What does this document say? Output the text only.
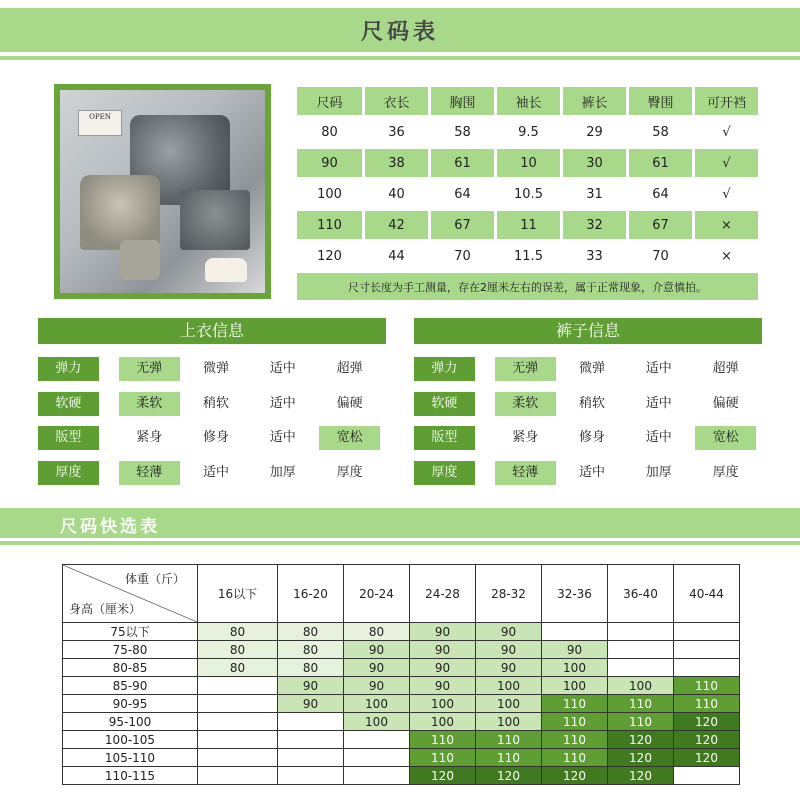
尺码表
OPEN
尺码	衣长	胸围	袖长	裤长	臀围	可开裆
80	36	58	9.5	29	58	√
90	38	61	10	30	61	√
100	40	64	10.5	31	64	√
110	42	67	11	32	67	×
120	44	70	11.5	33	70	×
尺寸长度为手工测量，存在2厘米左右的误差，属于正常现象，介意慎拍。						
上衣信息	裤子信息
弹力	无弹	微弹	适中	超弹
软硬	柔软	稍软	适中	偏硬
版型	紧身	修身	适中	宽松
厚度	轻薄	适中	加厚	厚度
弹力	无弹	微弹	适中	超弹
软硬	柔软	稍软	适中	偏硬
版型	紧身	修身	适中	宽松
厚度	轻薄	适中	加厚	厚度
尺码快选表
体重（斤）
身高（厘米）	16以下	16-20	20-24	24-28	28-32	32-36	36-40	40-44
75以下	80	80	80	90	90			
75-80	80	80	90	90	90	90		
80-85	80	80	90	90	90	100		
85-90		90	90	90	100	100	100	110
90-95		90	100	100	100	110	110	110
95-100			100	100	100	110	110	120
100-105				110	110	110	120	120
105-110				110	110	110	120	120
110-115				120	120	120	120	
